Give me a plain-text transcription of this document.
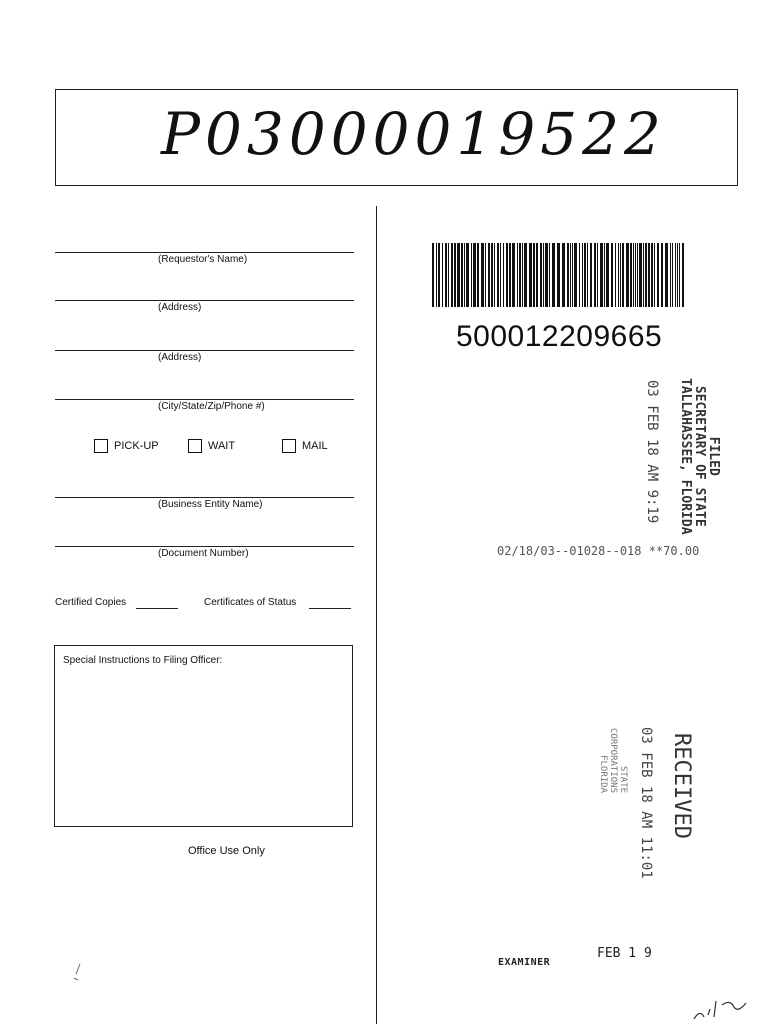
P03000019522
(Requestor's Name)
(Address)
(Address)
(City/State/Zip/Phone #)
PICK-UP	WAIT	MAIL
(Business Entity Name)
(Document Number)
Certified Copies	Certificates of Status
Special Instructions to Filing Officer:
Office Use Only
500012209665
FILED
SECRETARY OF STATE
TALLAHASSEE, FLORIDA
03 FEB 18 AM 9:19
02/18/03--01028--018 **70.00
RECEIVED
03 FEB 18 AM 11:01
STATE
CORPORATIONS
FLORIDA
EXAMINER
FEB 1 9
